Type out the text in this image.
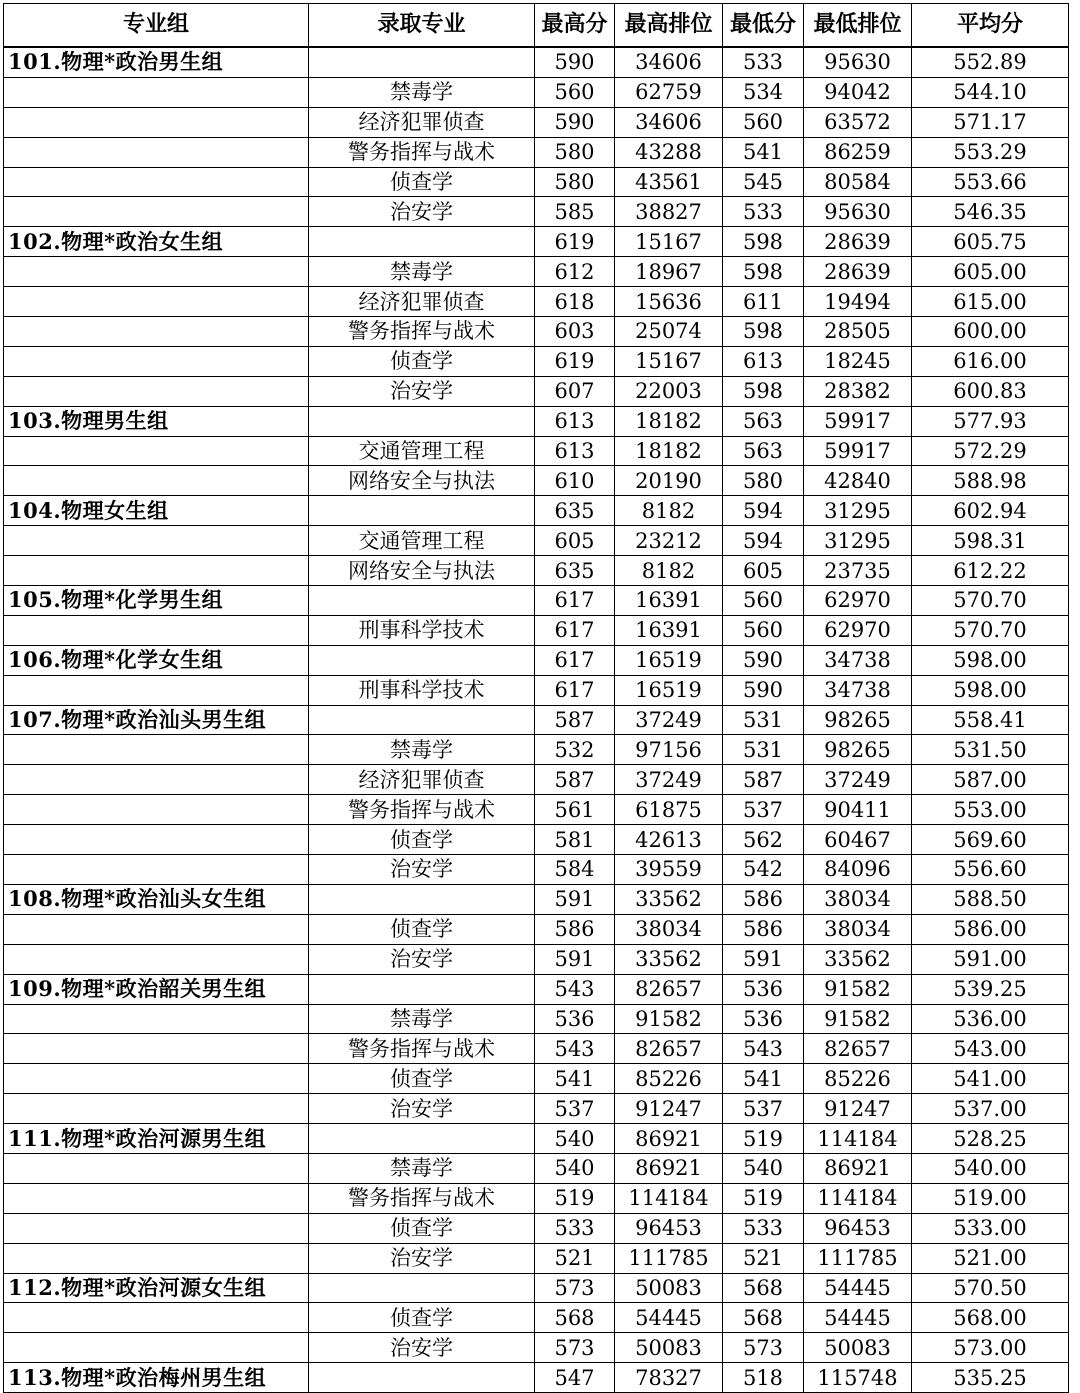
专业组	录取专业	最高分	最高排位	最低分	最低排位	平均分
101.物理*政治男生组		590	34606	533	95630	552.89
	禁毒学	560	62759	534	94042	544.10
	经济犯罪侦查	590	34606	560	63572	571.17
	警务指挥与战术	580	43288	541	86259	553.29
	侦查学	580	43561	545	80584	553.66
	治安学	585	38827	533	95630	546.35
102.物理*政治女生组		619	15167	598	28639	605.75
	禁毒学	612	18967	598	28639	605.00
	经济犯罪侦查	618	15636	611	19494	615.00
	警务指挥与战术	603	25074	598	28505	600.00
	侦查学	619	15167	613	18245	616.00
	治安学	607	22003	598	28382	600.83
103.物理男生组		613	18182	563	59917	577.93
	交通管理工程	613	18182	563	59917	572.29
	网络安全与执法	610	20190	580	42840	588.98
104.物理女生组		635	8182	594	31295	602.94
	交通管理工程	605	23212	594	31295	598.31
	网络安全与执法	635	8182	605	23735	612.22
105.物理*化学男生组		617	16391	560	62970	570.70
	刑事科学技术	617	16391	560	62970	570.70
106.物理*化学女生组		617	16519	590	34738	598.00
	刑事科学技术	617	16519	590	34738	598.00
107.物理*政治汕头男生组		587	37249	531	98265	558.41
	禁毒学	532	97156	531	98265	531.50
	经济犯罪侦查	587	37249	587	37249	587.00
	警务指挥与战术	561	61875	537	90411	553.00
	侦查学	581	42613	562	60467	569.60
	治安学	584	39559	542	84096	556.60
108.物理*政治汕头女生组		591	33562	586	38034	588.50
	侦查学	586	38034	586	38034	586.00
	治安学	591	33562	591	33562	591.00
109.物理*政治韶关男生组		543	82657	536	91582	539.25
	禁毒学	536	91582	536	91582	536.00
	警务指挥与战术	543	82657	543	82657	543.00
	侦查学	541	85226	541	85226	541.00
	治安学	537	91247	537	91247	537.00
111.物理*政治河源男生组		540	86921	519	114184	528.25
	禁毒学	540	86921	540	86921	540.00
	警务指挥与战术	519	114184	519	114184	519.00
	侦查学	533	96453	533	96453	533.00
	治安学	521	111785	521	111785	521.00
112.物理*政治河源女生组		573	50083	568	54445	570.50
	侦查学	568	54445	568	54445	568.00
	治安学	573	50083	573	50083	573.00
113.物理*政治梅州男生组		547	78327	518	115748	535.25
